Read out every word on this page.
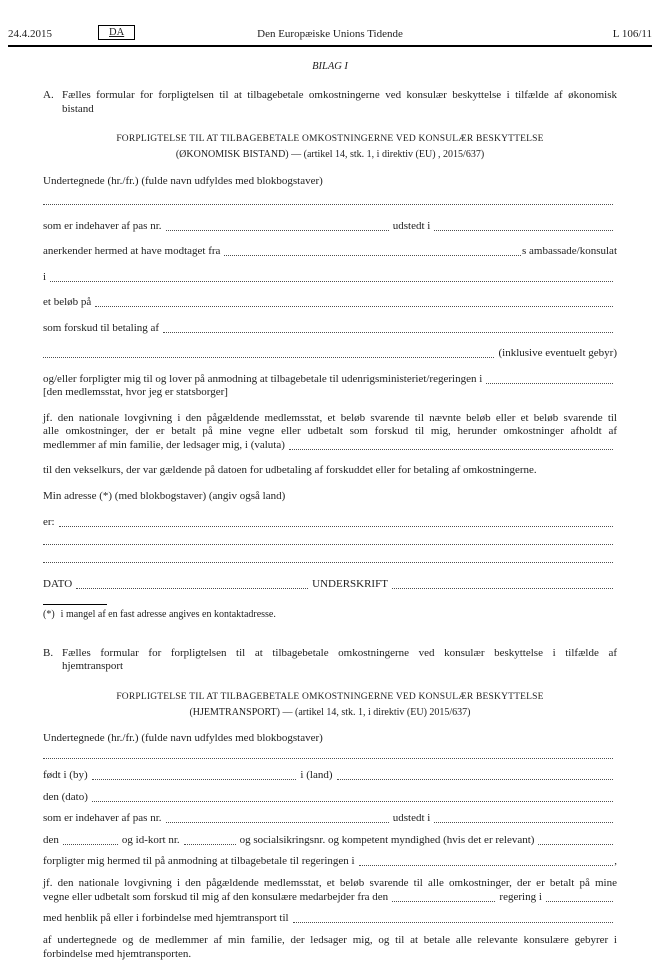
Den Europæiske Unions Tidende
24.4.2015	DA	L 106/11
BILAG I
A. Fælles formular for forpligtelsen til at tilbagebetale omkostningerne ved konsulær beskyttelse i tilfælde af økonomisk
bistand
FORPLIGTELSE TIL AT TILBAGEBETALE OMKOSTNINGERNE VED KONSULÆR BESKYTTELSE
(ØKONOMISK BISTAND) — (artikel 14, stk. 1, i direktiv (EU) , 2015/637)
Undertegnede (hr./fr.) (fulde navn udfyldes med blokbogstaver)
som er indehaver af pas nr.	udstedt i
anerkender hermed at have modtaget fra	s ambassade/konsulat
i
et beløb på
som forskud til betaling af
(inklusive eventuelt gebyr)
og/eller forpligter mig til og lover på anmodning at tilbagebetale til udenrigsministeriet/regeringen i
[den medlemsstat, hvor jeg er statsborger]
jf. den nationale lovgivning i den pågældende medlemsstat, et beløb svarende til nævnte beløb eller et beløb svarende til
alle omkostninger, der er betalt på mine vegne eller udbetalt som forskud til mig, herunder omkostninger afholdt af
medlemmer af min familie, der ledsager mig, i (valuta)
til den vekselkurs, der var gældende på datoen for udbetaling af forskuddet eller for betaling af omkostningerne.
Min adresse (*) (med blokbogstaver) (angiv også land)
er:
DATO	UNDERSKRIFT
(*) i mangel af en fast adresse angives en kontaktadresse.
B. Fælles formular for forpligtelsen til at tilbagebetale omkostningerne ved konsulær beskyttelse i tilfælde af
hjemtransport
FORPLIGTELSE TIL AT TILBAGEBETALE OMKOSTNINGERNE VED KONSULÆR BESKYTTELSE
(HJEMTRANSPORT) — (artikel 14, stk. 1, i direktiv (EU) 2015/637)
Undertegnede (hr./fr.) (fulde navn udfyldes med blokbogstaver)
født i (by)	i (land)
den (dato)
som er indehaver af pas nr.	udstedt i
den	og id-kort nr.	og socialsikringsnr. og kompetent myndighed (hvis det er relevant)
forpligter mig hermed til på anmodning at tilbagebetale til regeringen i	,
jf. den nationale lovgivning i den pågældende medlemsstat, et beløb svarende til alle omkostninger, der er betalt på mine
vegne eller udbetalt som forskud til mig af den konsulære medarbejder fra den	regering i
med henblik på eller i forbindelse med hjemtransport til
af undertegnede og de medlemmer af min familie, der ledsager mig, og til at betale alle relevante konsulære gebyrer i
forbindelse med hjemtransporten.
